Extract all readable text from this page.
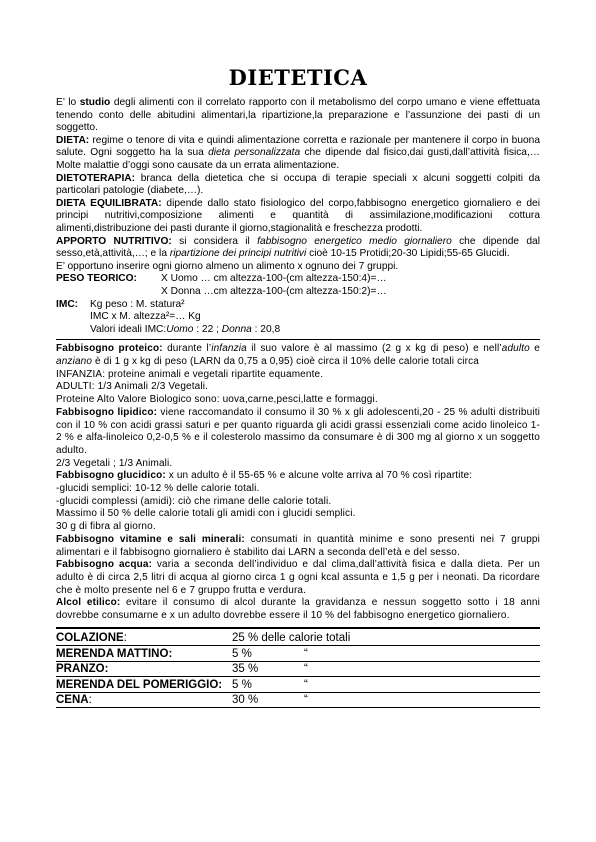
DIETETICA

E’ lo studio degli alimenti con il correlato rapporto con il metabolismo del corpo umano e viene effettuata tenendo conto delle abitudini alimentari,la ripartizione,la preparazione e l’assunzione dei pasti di un soggetto.

DIETA: regime o tenore di vita e quindi alimentazione corretta e razionale per mantenere il corpo in buona salute. Ogni soggetto ha la sua dieta personalizzata che dipende dal fisico,dai gusti,dall’attività fisica,…Molte malattie d’oggi sono causate da un errata alimentazione.

DIETOTERAPIA: branca della dietetica che si occupa di terapie speciali x alcuni soggetti colpiti da particolari patologie (diabete,…).

DIETA EQUILIBRATA: dipende dallo stato fisiologico del corpo,fabbisogno energetico giornaliero e dei principi nutritivi,composizione alimenti e quantità di assimilazione,modificazioni cottura alimenti,distribuzione dei pasti durante il giorno,stagionalità e freschezza prodotti.

APPORTO NUTRITIVO: si considera il fabbisogno energetico medio giornaliero che dipende dal sesso,età,attività,…; e la ripartizione dei principi nutritivi cioè 10-15 Protidi;20-30 Lipidi;55-65 Glucidi.

E’ opportuno inserire ogni giorno almeno un alimento x ognuno dei 7 gruppi.

PESO TEORICO:	X Uomo … cm altezza-100-(cm altezza-150:4)=…
X Donna …cm altezza-100-(cm altezza-150:2)=…
IMC:	Kg peso : M. statura²
IMC x M. altezza²=… Kg
Valori ideali IMC:Uomo : 22 ; Donna : 20,8

Fabbisogno proteico: durante l’infanzia il suo valore è al massimo (2 g x kg di peso) e nell’adulto e anziano è di 1 g x kg di peso (LARN da 0,75 a 0,95) cioè circa il 10% delle calorie totali circa

INFANZIA: proteine animali e vegetali ripartite equamente.

ADULTI: 1/3 Animali 2/3 Vegetali.

Proteine Alto Valore Biologico sono: uova,carne,pesci,latte e formaggi.

Fabbisogno lipidico: viene raccomandato il consumo il 30 % x gli adolescenti,20 - 25 % adulti distribuiti con il 10 % con acidi grassi saturi e per quanto riguarda gli acidi grassi essenziali come acido linoleico 1-2 % e alfa-linoleico 0,2-0,5 % e il colesterolo massimo da consumare è di 300 mg al giorno x un soggetto adulto.

2/3 Vegetali ; 1/3 Animali.

Fabbisogno glucidico: x un adulto è il 55-65 % e alcune volte arriva al 70 % così ripartite:

-glucidi semplici: 10-12 % delle calorie totali.

-glucidi complessi (amidi): ciò che rimane delle calorie totali.

Massimo il 50 % delle calorie totali gli amidi con i glucidi semplici.

30 g di fibra al giorno.

Fabbisogno vitamine e sali minerali: consumati in quantità minime e sono presenti nei 7 gruppi alimentari e il fabbisogno giornaliero è stabilito dai LARN a seconda dell’età e del sesso.

Fabbisogno acqua: varia a seconda dell’individuo e dal clima,dall’attività fisica e dalla dieta. Per un adulto è di circa 2,5 litri di acqua al giorno circa 1 g ogni kcal assunta e 1,5 g per i neonati. Da ricordare che è molto presente nel 6 e 7 gruppo frutta e verdura.

Alcol etilico: evitare il consumo di alcol durante la gravidanza e nessun soggetto sotto i 18 anni dovrebbe consumarne e x un adulto dovrebbe essere il 10 % del fabbisogno energetico giornaliero.

COLAZIONE:	25 % delle calorie totali	
MERENDA MATTINO:	5 %	“
PRANZO:	35 %	“
MERENDA DEL POMERIGGIO:	5 %	“
CENA:	30 %	“
